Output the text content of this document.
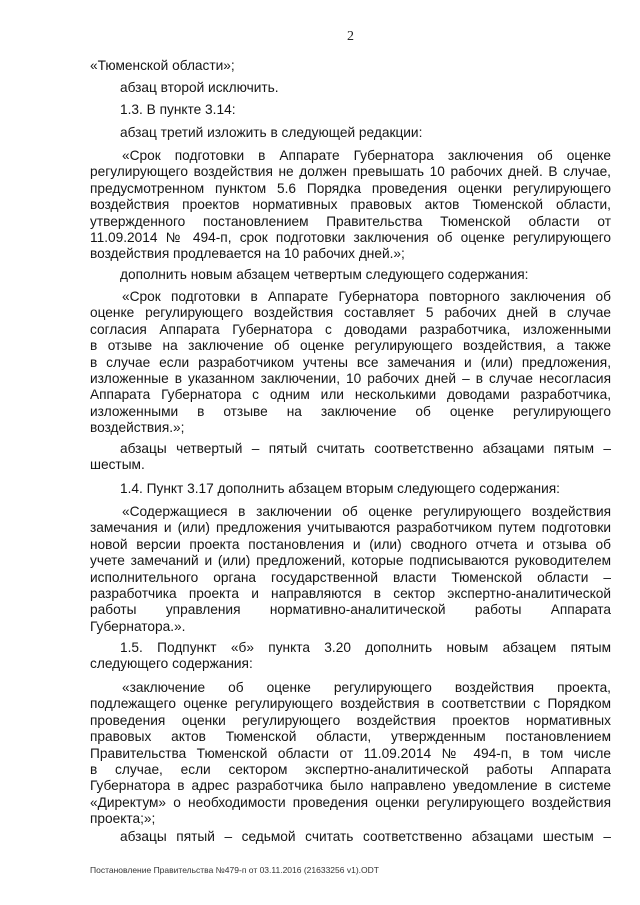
2
«Тюменской области»;
абзац второй исключить.
1.3. В пункте 3.14:
абзац третий изложить в следующей редакции:
«Срок подготовки в Аппарате Губернатора заключения об оценке
регулирующего воздействия не должен превышать 10 рабочих дней. В случае,
предусмотренном пунктом 5.6 Порядка проведения оценки регулирующего
воздействия проектов нормативных правовых актов Тюменской области,
утвержденного постановлением Правительства Тюменской области от
11.09.2014 № 494-п, срок подготовки заключения об оценке регулирующего
воздействия продлевается на 10 рабочих дней.»;
дополнить новым абзацем четвертым следующего содержания:
«Срок подготовки в Аппарате Губернатора повторного заключения об
оценке регулирующего воздействия составляет 5 рабочих дней в случае
согласия Аппарата Губернатора с доводами разработчика, изложенными
в отзыве на заключение об оценке регулирующего воздействия, а также
в случае если разработчиком учтены все замечания и (или) предложения,
изложенные в указанном заключении, 10 рабочих дней – в случае несогласия
Аппарата Губернатора с одним или несколькими доводами разработчика,
изложенными в отзыве на заключение об оценке регулирующего
воздействия.»;
абзацы четвертый – пятый считать соответственно абзацами пятым –
шестым.
1.4. Пункт 3.17 дополнить абзацем вторым следующего содержания:
«Содержащиеся в заключении об оценке регулирующего воздействия
замечания и (или) предложения учитываются разработчиком путем подготовки
новой версии проекта постановления и (или) сводного отчета и отзыва об
учете замечаний и (или) предложений, которые подписываются руководителем
исполнительного органа государственной власти Тюменской области –
разработчика проекта и направляются в сектор экспертно-аналитической
работы управления нормативно-аналитической работы Аппарата
Губернатора.».
1.5. Подпункт «б» пункта 3.20 дополнить новым абзацем пятым
следующего содержания:
«заключение об оценке регулирующего воздействия проекта,
подлежащего оценке регулирующего воздействия в соответствии с Порядком
проведения оценки регулирующего воздействия проектов нормативных
правовых актов Тюменской области, утвержденным постановлением
Правительства Тюменской области от 11.09.2014 № 494-п, в том числе
в случае, если сектором экспертно-аналитической работы Аппарата
Губернатора в адрес разработчика было направлено уведомление в системе
«Директум» о необходимости проведения оценки регулирующего воздействия
проекта;»;
абзацы пятый – седьмой считать соответственно абзацами шестым –
Постановление Правительства №479-п от 03.11.2016 (21633256 v1).ODT
